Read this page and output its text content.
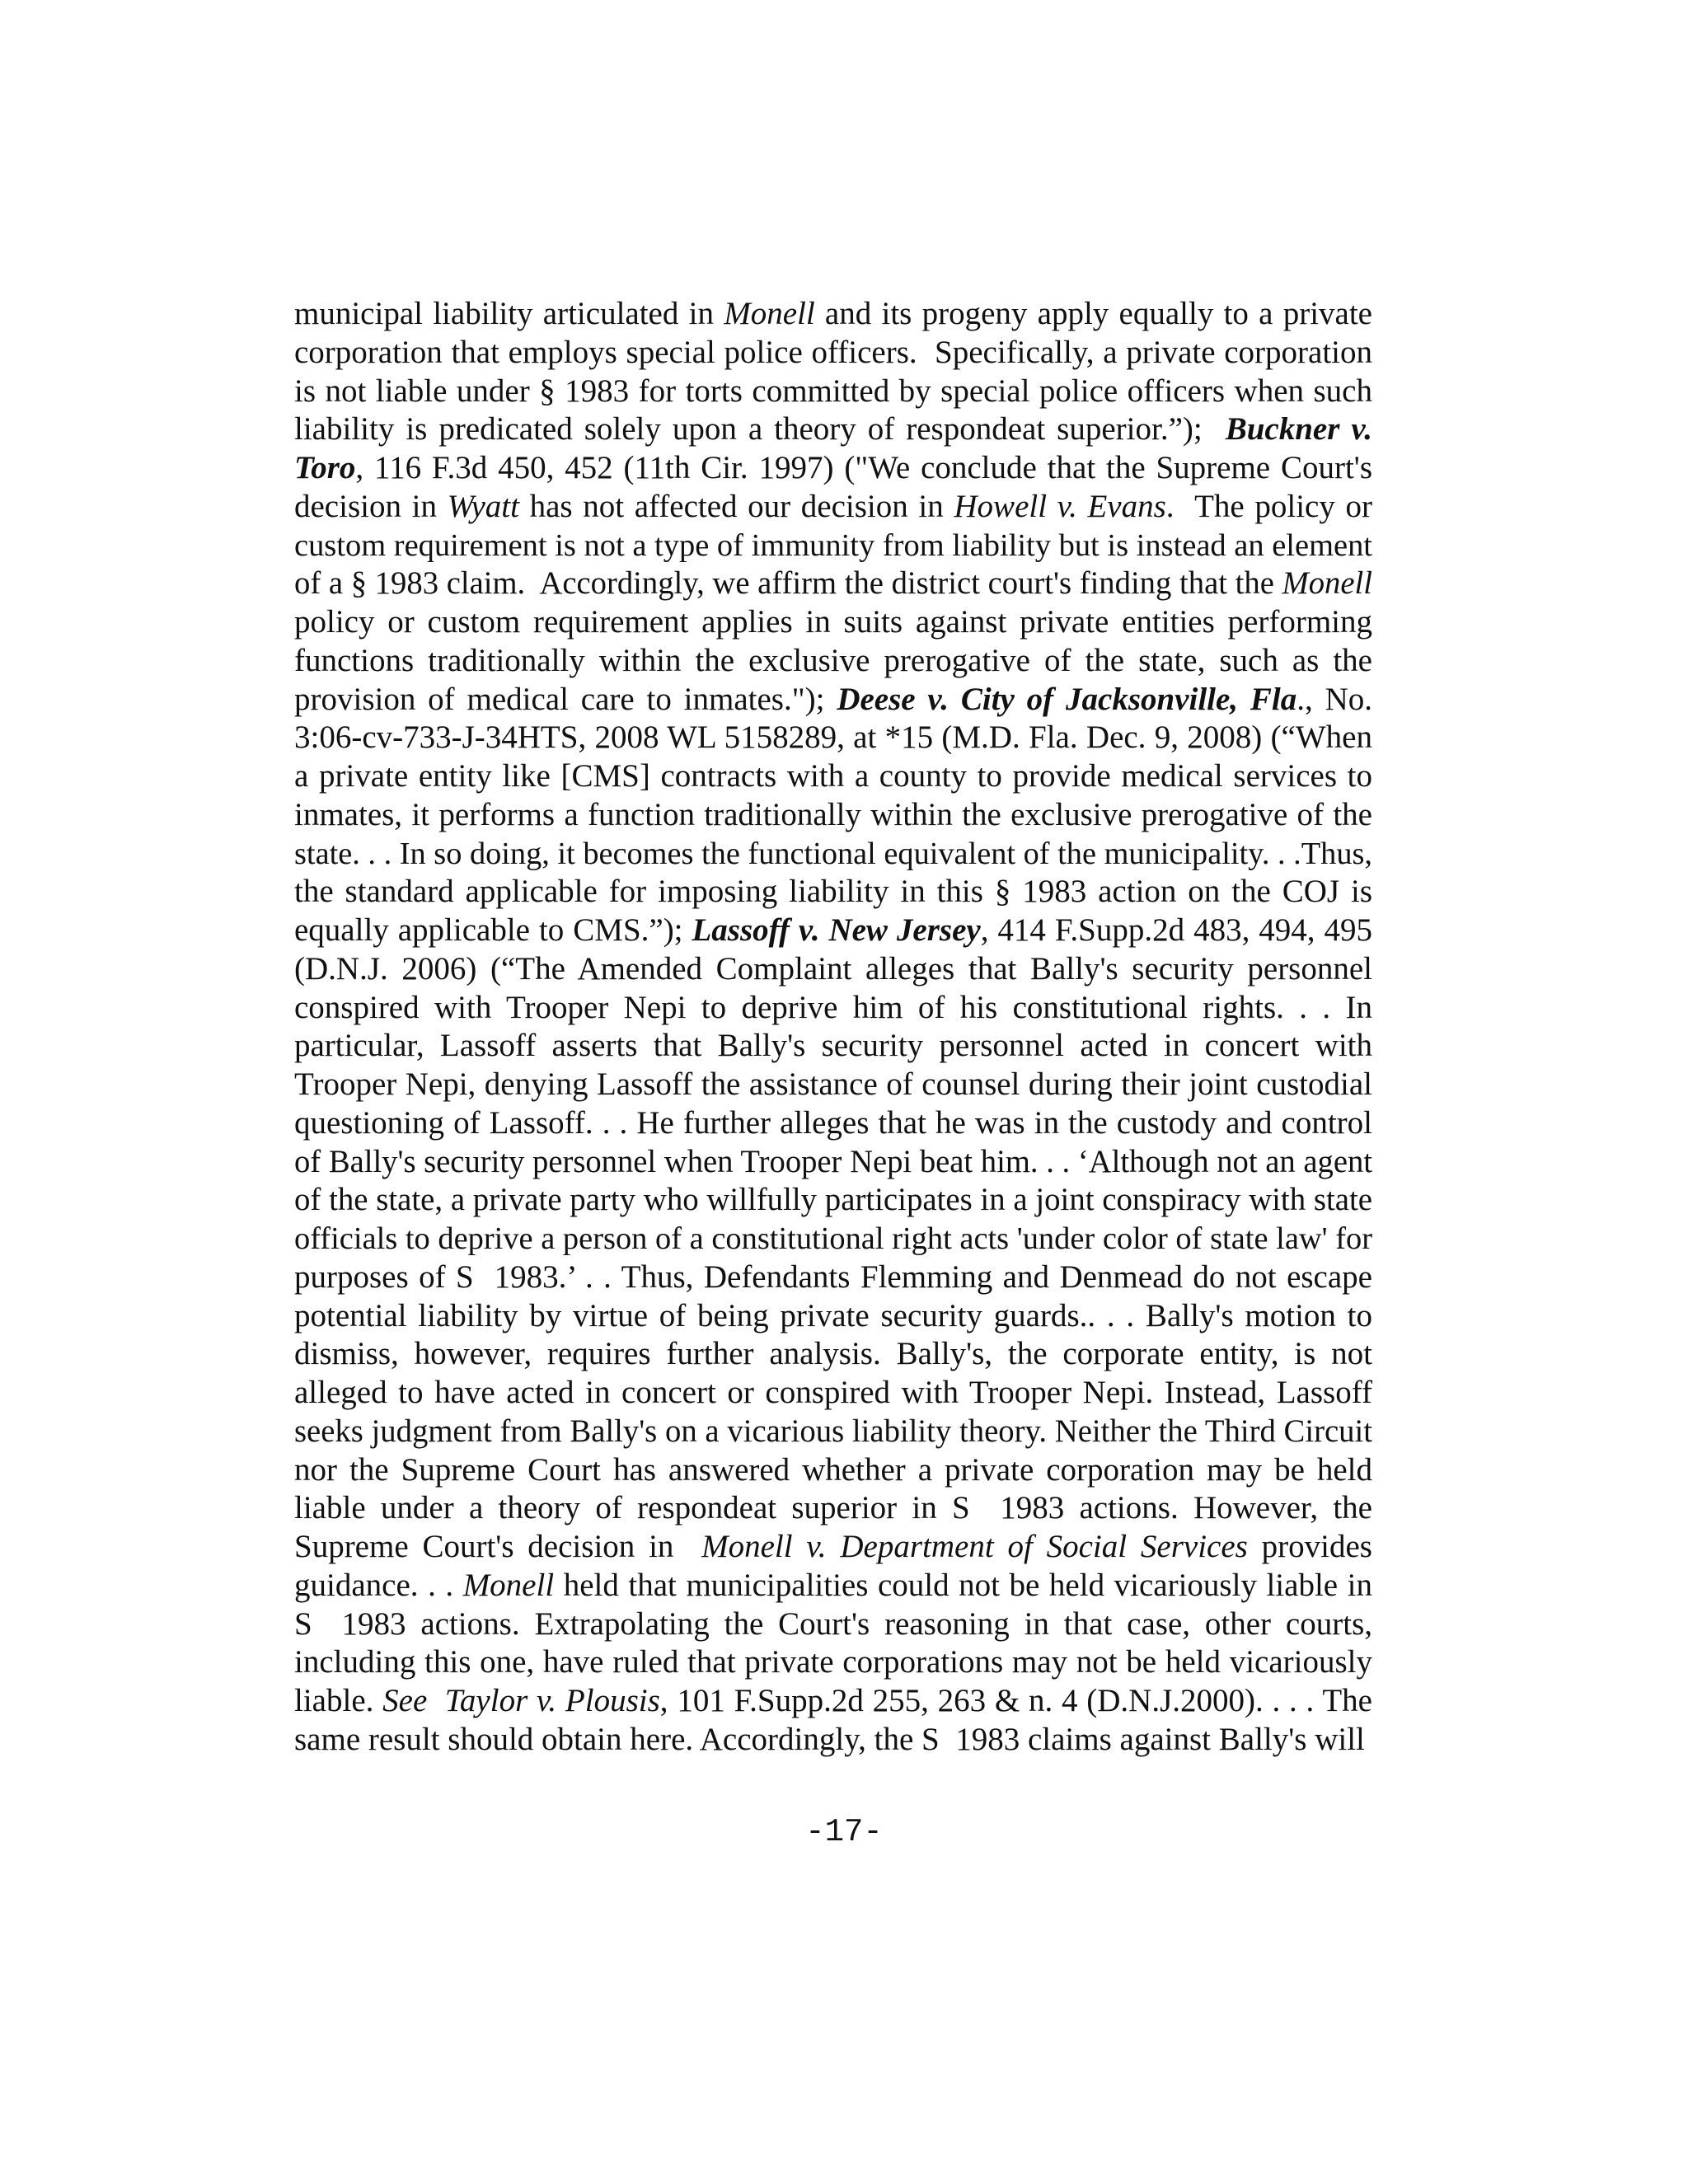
municipal liability articulated in Monell and its progeny apply equally to a private
corporation that employs special police officers.  Specifically, a private corporation
is not liable under § 1983 for torts committed by special police officers when such
liability is predicated solely upon a theory of respondeat superior.”);  Buckner v.
Toro, 116 F.3d 450, 452 (11th Cir. 1997) ("We conclude that the Supreme Court's
decision in Wyatt has not affected our decision in Howell v. Evans.  The policy or
custom requirement is not a type of immunity from liability but is instead an element
of a § 1983 claim.  Accordingly, we affirm the district court's finding that the Monell
policy or custom requirement applies in suits against private entities performing
functions traditionally within the exclusive prerogative of the state, such as the
provision of medical care to inmates."); Deese v. City of Jacksonville, Fla., No.
3:06-cv-733-J-34HTS, 2008 WL 5158289, at *15 (M.D. Fla. Dec. 9, 2008) (“When
a private entity like [CMS] contracts with a county to provide medical services to
inmates, it performs a function traditionally within the exclusive prerogative of the
state. . . In so doing, it becomes the functional equivalent of the municipality. . .Thus,
the standard applicable for imposing liability in this § 1983 action on the COJ is
equally applicable to CMS.”); Lassoff v. New Jersey, 414 F.Supp.2d 483, 494, 495
(D.N.J. 2006) (“The Amended Complaint alleges that Bally's security personnel
conspired with Trooper Nepi to deprive him of his constitutional rights. . . In
particular, Lassoff asserts that Bally's security personnel acted in concert with
Trooper Nepi, denying Lassoff the assistance of counsel during their joint custodial
questioning of Lassoff. . . He further alleges that he was in the custody and control
of Bally's security personnel when Trooper Nepi beat him. . . ‘Although not an agent
of the state, a private party who willfully participates in a joint conspiracy with state
officials to deprive a person of a constitutional right acts 'under color of state law' for
purposes of S  1983.’ . . Thus, Defendants Flemming and Denmead do not escape
potential liability by virtue of being private security guards.. . . Bally's motion to
dismiss, however, requires further analysis. Bally's, the corporate entity, is not
alleged to have acted in concert or conspired with Trooper Nepi. Instead, Lassoff
seeks judgment from Bally's on a vicarious liability theory. Neither the Third Circuit
nor the Supreme Court has answered whether a private corporation may be held
liable under a theory of respondeat superior in S  1983 actions. However, the
Supreme Court's decision in  Monell v. Department of Social Services provides
guidance. . . Monell held that municipalities could not be held vicariously liable in
S  1983 actions. Extrapolating the Court's reasoning in that case, other courts,
including this one, have ruled that private corporations may not be held vicariously
liable. See  Taylor v. Plousis, 101 F.Supp.2d 255, 263 & n. 4 (D.N.J.2000). . . . The
same result should obtain here. Accordingly, the S  1983 claims against Bally's will
-17-
